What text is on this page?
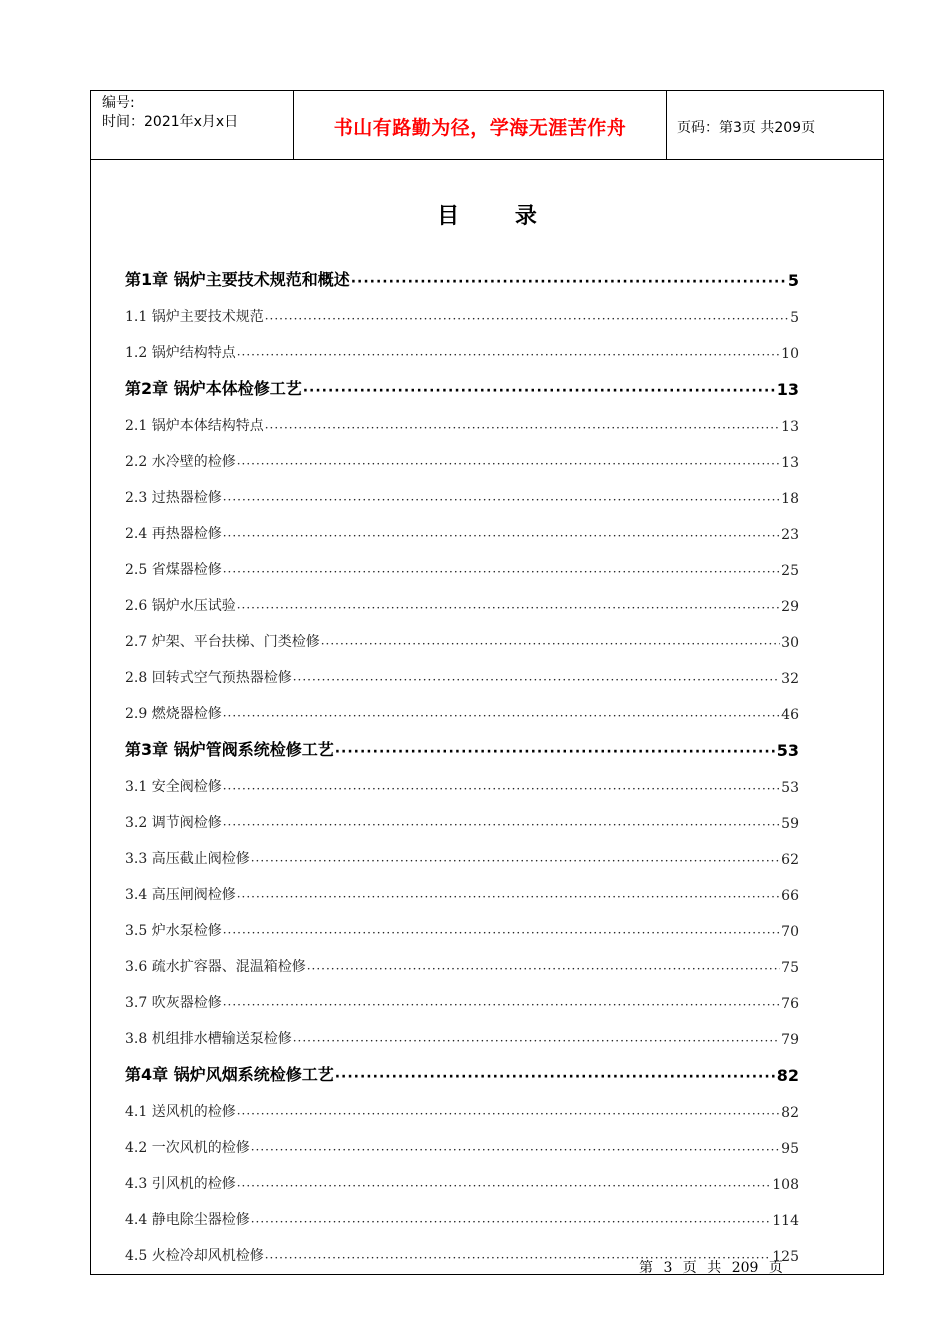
编号:
时间：2021年x月x日	书山有路勤为径，学海无涯苦作舟	页码：第3页 共209页
目 录
第1章 锅炉主要技术规范和概述 ·····	5
1.1 锅炉主要技术规范 ·····	5
1.2 锅炉结构特点 ·····	10
第2章 锅炉本体检修工艺 ·····	13
2.1 锅炉本体结构特点 ·····	13
2.2 水冷壁的检修 ·····	13
2.3 过热器检修 ·····	18
2.4 再热器检修 ·····	23
2.5 省煤器检修 ·····	25
2.6 锅炉水压试验 ·····	29
2.7 炉架、平台扶梯、门类检修 ·····	30
2.8 回转式空气预热器检修 ·····	32
2.9 燃烧器检修 ·····	46
第3章 锅炉管阀系统检修工艺 ·····	53
3.1 安全阀检修 ·····	53
3.2 调节阀检修 ·····	59
3.3 高压截止阀检修 ·····	62
3.4 高压闸阀检修 ·····	66
3.5 炉水泵检修 ·····	70
3.6 疏水扩容器、混温箱检修 ·····	75
3.7 吹灰器检修 ·····	76
3.8 机组排水槽输送泵检修 ·····	79
第4章 锅炉风烟系统检修工艺 ·····	82
4.1 送风机的检修 ·····	82
4.2 一次风机的检修 ·····	95
4.3 引风机的检修 ·····	108
4.4 静电除尘器检修 ·····	114
4.5 火检冷却风机检修 ·····	125
第 3 页 共 209 页
